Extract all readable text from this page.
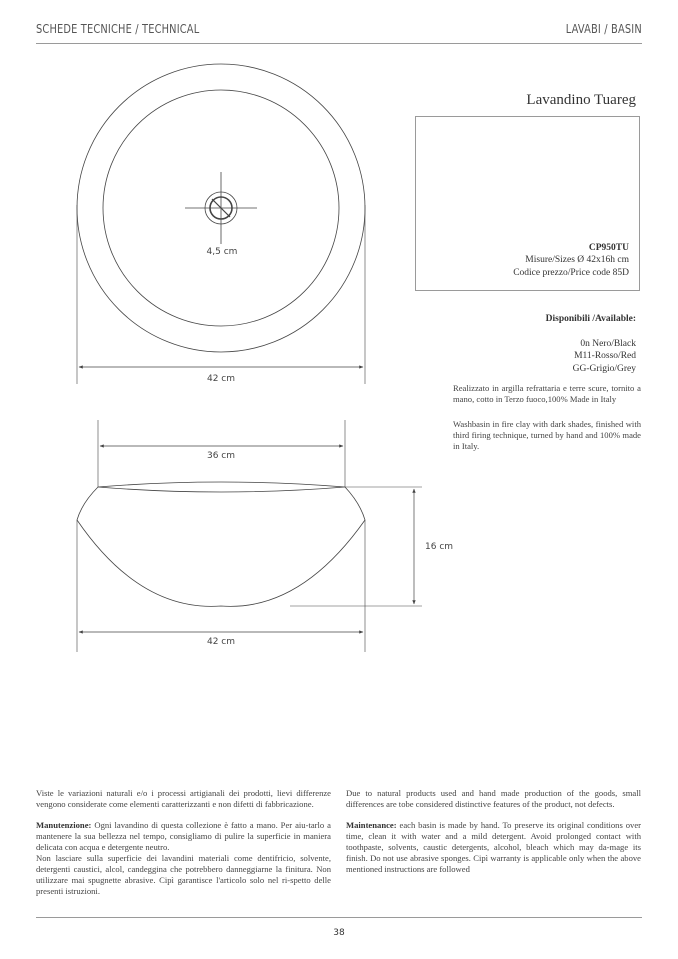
SCHEDE TECNICHE / TECHNICAL	LAVABI / BASIN
4,5 cm
42 cm
36 cm
16 cm
42 cm
Lavandino Tuareg
CP950TU
Misure/Sizes Ø 42x16h cm
Codice prezzo/Price code 85D
Disponibili /Available:
0n Nero/Black
M11-Rosso/Red
GG-Grigio/Grey
Realizzato in argilla refrattaria e terre scure, tornito a mano, cotto in Terzo fuoco,100% Made in Italy
Washbasin in fire clay with dark shades, finished with third firing technique, turned by hand and 100% made in Italy.

Viste le variazioni naturali e/o i processi artigianali dei prodotti, lievi differenze vengono considerate come elementi caratterizzanti e non difetti di fabbricazione.

Manutenzione: Ogni lavandino di questa collezione è fatto a mano. Per aiu-tarlo a mantenere la sua bellezza nel tempo, consigliamo di pulire la superficie in maniera delicata con acqua e detergente neutro.

Non lasciare sulla superficie dei lavandini materiali come dentifricio, solvente, detergenti caustici, alcol, candeggina che potrebbero danneggiarne la finitura. Non utilizzare mai spugnette abrasive. Cipì garantisce l'articolo solo nel ri-spetto delle presenti istruzioni.

Due to natural products used and hand made production of the goods, small differences are tobe considered distinctive features of the product, not defects.

Maintenance: each basin is made by hand. To preserve its original conditions over time, clean it with water and a mild detergent. Avoid prolonged contact with toothpaste, solvents, caustic detergents, alcohol, bleach which may da-mage its finish. Do not use abrasive sponges. Cipì warranty is applicable only when the above mentioned instructions are followed

38
